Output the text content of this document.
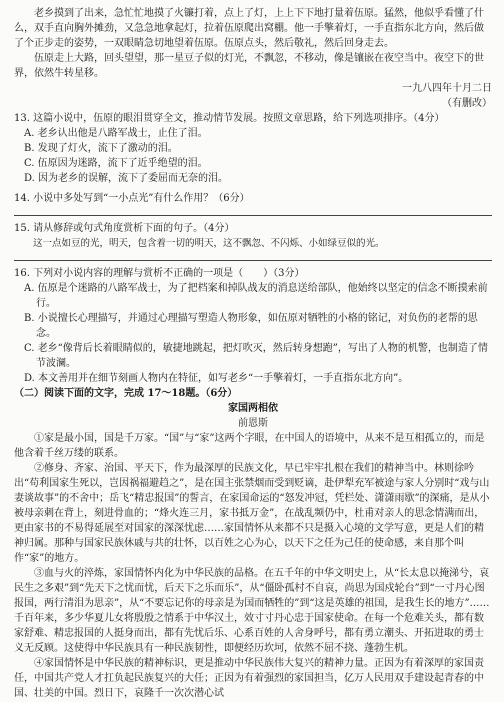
老乡摸到了出来，急忙忙地摸了火镰打着，点上了灯，上上下下地打量着伍原。猛然，他似乎看懂了什么，双手直向胸外摊劲，又急急地拿起灯，拉着伍原爬出窝棚。他一手擎着灯，一手直指东北方向，然后做了个正步走的姿势，一双眼睛急切地望着伍原。伍原点头，然后敬礼，然后回身走去。

伍原走上大路，回头望望，那一星豆子似的灯光，不飘忽，不移动，像是镶嵌在夜空当中。夜空下的世界，依然牛转星移。

一九八四年十月二日

（有删改）

13. 这篇小说中，伍原的眼泪贯穿全文，推动情节发展。按照文章思路，给下列选项排序。（4分）

A. 老乡认出他是八路军战士，止住了泪。

B. 发现了灯火，流下了激动的泪。

C. 伍原因为迷路，流下了近乎绝望的泪。

D. 因为老乡的误解，流下了委屈而无奈的泪。

14. 小说中多处写到“一小点光”有什么作用？（6分）

15. 请从修辞或句式角度赏析下面的句子。（4分）

这一点如豆的光，明天，包含着一切的明天，这不飘忽、不闪烁、小如绿豆似的光。

16. 下列对小说内容的理解与赏析不正确的一项是（　　）（3分）

A. 伍原是个迷路的八路军战士，为了把档案和掉队战友的消息送给部队，他始终以坚定的信念不断摸索前行。

B. 小说擅长心理描写，并通过心理描写塑造人物形象，如伍原对牺牲的小格的铭记，对负伤的老帮的思念。

C. 老乡“像背后长着眼睛似的，敏捷地跳起，把灯吹灭，然后转身想跑”，写出了人物的机警，也制造了情节波澜。

D. 本文善用并在细节刻画人物内在特征，如写老乡“一手擎着灯，一手直指东北方向”。

（二）阅读下面的文字，完成 17～18题。（6分）

家国两相依

前恩斯

①家是最小国，国是千万家。“国”与“家”这两个字眼，在中国人的语境中，从来不是互相孤立的，而是他含着千丝万缕的联系。

②修身、齐家、治国、平天下，作为最深厚的民族文化，早已牢牢扎根在我们的精神当中。林则徐吟出“苟利国家生死以，岂因祸福避趋之”，是在国主张禁烟而受到贬谪，赴伊犁充军被途与家人分别时“戏与山妻谈故事”的不舍中；岳飞“精忠报国”的誓言，在家国命运的“怒发冲冠，凭栏处、潇潇雨歇”的深痛，是从小被母亲刺在背上，刻进骨血的；“烽火连三月，家书抵万金”，在战乱频仍中，杜甫对亲人的思念情满而出，更由家书的不易得延展至对国家的深深忧虑……家国情怀从来都不只是摄入心境的文学写意，更是人们的精神归属。那种与国家民族休戚与共的壮怀，以百姓之心为心，以天下之任为己任的使命感，来自那个叫作“家”的地方。

③血与火的淬炼，家国情怀内化为中华民族的品格。在五千年的中华文明史上，从“长太息以掩涕兮，哀民生之多艰”到“先天下之忧而忧，后天下之乐而乐”，从“僵卧孤村不自哀，尚思为国戍轮台”到“一寸丹心图报国，两行清泪为思亲”，从“不要忘记你的母亲是为国而牺牲的”到“这是英雄的祖国，是我生长的地方”……千百年来，多少华夏儿女将殷殷之情系于中华汉土，效寸寸丹心忠于国家使命。在每一个危难关头，都有数家舒难、精忠报国的人挺身而出，都有先忧后乐、心系百姓的人舍身呼号，都有勇立潮头、开拓进取的勇士义无反顾。这使得中华民族具有一种民族韧性，即便经历坎坷，依然不屈不挠、蓬勃生机。

④家国情怀是中华民族的精神标识，更是推动中华民族伟大复兴的精神力量。正因为有着深厚的家国责任，中国共产党人才扛负起民族复兴的大任；正因为有着强烈的家国担当，亿万人民用双手建设起青春的中国、壮美的中国。烈日下，哀隆千一次次潜心试
